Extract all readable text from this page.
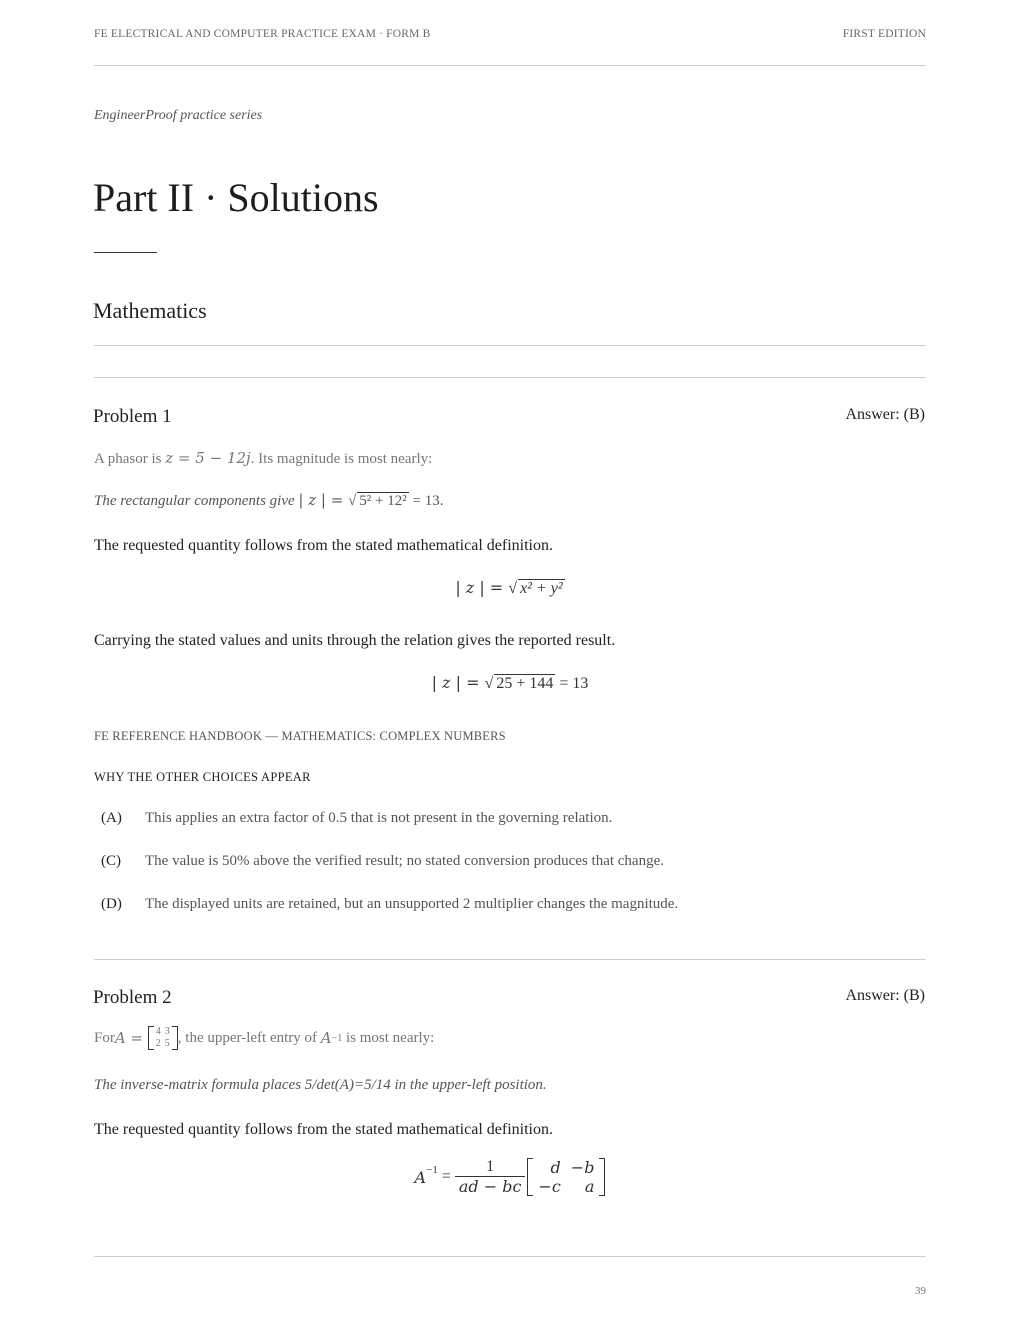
FE ELECTRICAL AND COMPUTER PRACTICE EXAM · FORM B	FIRST EDITION
EngineerProof practice series
Part II · Solutions
Mathematics
Problem 1	Answer: (B)
A phasor is z = 5 − 12j. Its magnitude is most nearly:
The rectangular components give | z | = √ 5² + 12² = 13.
The requested quantity follows from the stated mathematical definition.
| z | = √ x² + y²
Carrying the stated values and units through the relation gives the reported result.
| z | = √ 25 + 144 = 13
FE REFERENCE HANDBOOK — MATHEMATICS: COMPLEX NUMBERS
WHY THE OTHER CHOICES APPEAR
(A) This applies an extra factor of 0.5 that is not present in the governing relation.
(C) The value is 50% above the verified result; no stated conversion produces that change.
(D) The displayed units are retained, but an unsupported 2 multiplier changes the magnitude.
Problem 2	Answer: (B)
For A = 4	3
2	5 , the upper-left entry of A −1 is most nearly:
The inverse-matrix formula places 5/det(A)=5/14 in the upper-left position.
The requested quantity follows from the stated mathematical definition.
$A^{-1} = \frac{1}{ad - bc}$ d	−b
−c	a
39
